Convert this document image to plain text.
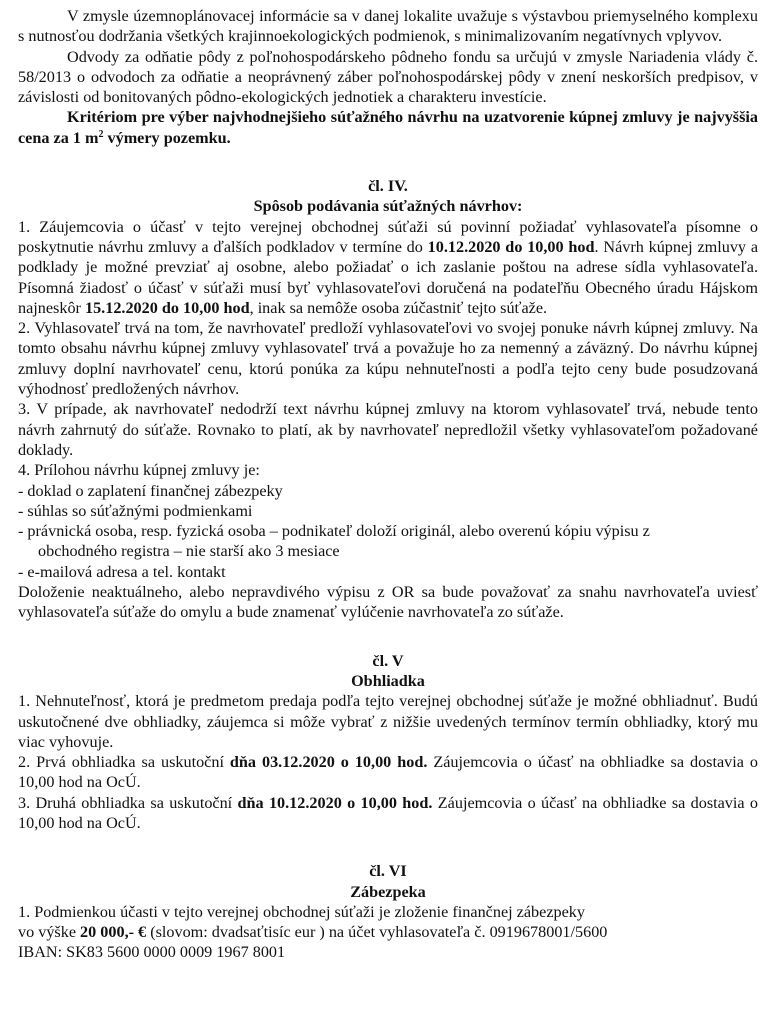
V zmysle územnoplánovacej informácie sa v danej lokalite uvažuje s výstavbou priemyselného komplexu s nutnosťou dodržania všetkých krajinnoekologických podmienok, s minimalizovaním negatívnych vplyvov.

Odvody za odňatie pôdy z poľnohospodárskeho pôdneho fondu sa určujú v zmysle Nariadenia vlády č. 58/2013 o odvodoch za odňatie a neoprávnený záber poľnohospodárskej pôdy v znení neskorších predpisov, v závislosti od bonitovaných pôdno-ekologických jednotiek a charakteru investície.

Kritériom pre výber najvhodnejšieho súťažného návrhu na uzatvorenie kúpnej zmluvy je najvyššia cena za 1 $m^2$ výmery pozemku.

čl. IV.

Spôsob podávania súťažných návrhov:

1. Záujemcovia o účasť v tejto verejnej obchodnej súťaži sú povinní požiadať vyhlasovateľa písomne o poskytnutie návrhu zmluvy a ďalších podkladov v termíne do 10.12.2020 do 10,00 hod. Návrh kúpnej zmluvy a podklady je možné prevziať aj osobne, alebo požiadať o ich zaslanie poštou na adrese sídla vyhlasovateľa. Písomná žiadosť o účasť v súťaži musí byť vyhlasovateľovi doručená na podateľňu Obecného úradu Hájskom najneskôr 15.12.2020 do 10,00 hod, inak sa nemôže osoba zúčastniť tejto súťaže.

2. Vyhlasovateľ trvá na tom, že navrhovateľ predloží vyhlasovateľovi vo svojej ponuke návrh kúpnej zmluvy. Na tomto obsahu návrhu kúpnej zmluvy vyhlasovateľ trvá a považuje ho za nemenný a záväzný. Do návrhu kúpnej zmluvy doplní navrhovateľ cenu, ktorú ponúka za kúpu nehnuteľnosti a podľa tejto ceny bude posudzovaná výhodnosť predložených návrhov.

3. V prípade, ak navrhovateľ nedodrží text návrhu kúpnej zmluvy na ktorom vyhlasovateľ trvá, nebude tento návrh zahrnutý do súťaže. Rovnako to platí, ak by navrhovateľ nepredložil všetky vyhlasovateľom požadované doklady.

4. Prílohou návrhu kúpnej zmluvy je:

- doklad o zaplatení finančnej zábezpeky

- súhlas so súťažnými podmienkami

- právnická osoba, resp. fyzická osoba – podnikateľ doloží originál, alebo overenú kópiu výpisu z

obchodného registra – nie starší ako 3 mesiace

- e-mailová adresa a tel. kontakt

Doloženie neaktuálneho, alebo nepravdivého výpisu z OR sa bude považovať za snahu navrhovateľa uviesť vyhlasovateľa súťaže do omylu a bude znamenať vylúčenie navrhovateľa zo súťaže.

čl. V

Obhliadka

1. Nehnuteľnosť, ktorá je predmetom predaja podľa tejto verejnej obchodnej súťaže je možné obhliadnuť. Budú uskutočnené dve obhliadky, záujemca si môže vybrať z nižšie uvedených termínov termín obhliadky, ktorý mu viac vyhovuje.

2. Prvá obhliadka sa uskutoční dňa 03.12.2020 o 10,00 hod. Záujemcovia o účasť na obhliadke sa dostavia o 10,00 hod na OcÚ.

3. Druhá obhliadka sa uskutoční dňa 10.12.2020 o 10,00 hod. Záujemcovia o účasť na obhliadke sa dostavia o 10,00 hod na OcÚ.

čl. VI

Zábezpeka

1. Podmienkou účasti v tejto verejnej obchodnej súťaži je zloženie finančnej zábezpeky

vo výške 20 000,- € (slovom: dvadsaťtisíc eur ) na účet vyhlasovateľa č. 0919678001/5600

IBAN: SK83 5600 0000 0009 1967 8001
